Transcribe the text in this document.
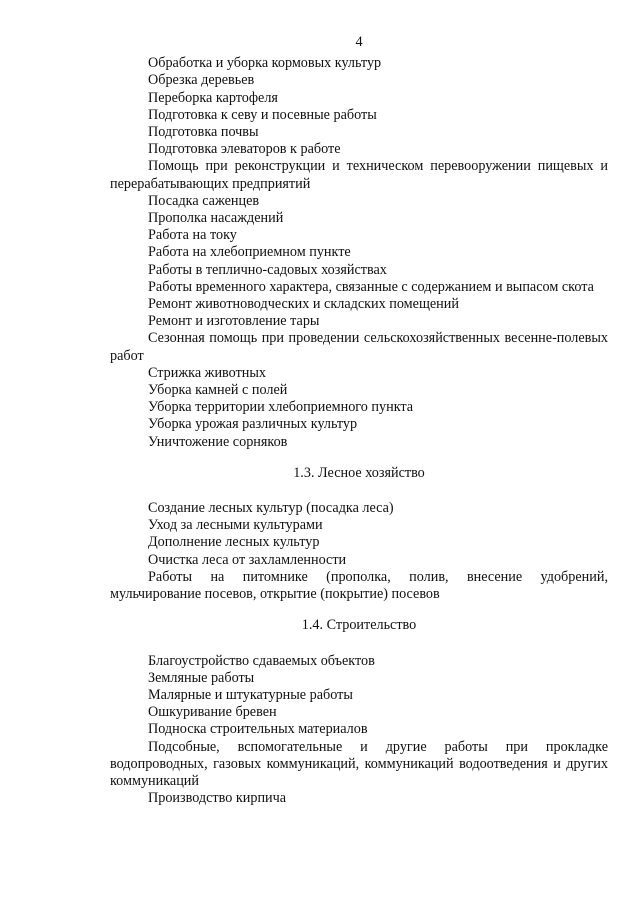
4

Обработка и уборка кормовых культур

Обрезка деревьев

Переборка картофеля

Подготовка к севу и посевные работы

Подготовка почвы

Подготовка элеваторов к работе

Помощь при реконструкции и техническом перевооружении пищевых и перерабатывающих предприятий

Посадка саженцев

Прополка насаждений

Работа на току

Работа на хлебоприемном пункте

Работы в теплично-садовых хозяйствах

Работы временного характера, связанные с содержанием и выпасом скота

Ремонт животноводческих и складских помещений

Ремонт и изготовление тары

Сезонная помощь при проведении сельскохозяйственных весенне-полевых работ

Стрижка животных

Уборка камней с полей

Уборка территории хлебоприемного пункта

Уборка урожая различных культур

Уничтожение сорняков

1.3. Лесное хозяйство

Создание лесных культур (посадка леса)

Уход за лесными культурами

Дополнение лесных культур

Очистка леса от захламленности

Работы на питомнике (прополка, полив, внесение удобрений, мульчирование посевов, открытие (покрытие) посевов

1.4. Строительство

Благоустройство сдаваемых объектов

Земляные работы

Малярные и штукатурные работы

Ошкуривание бревен

Подноска строительных материалов

Подсобные, вспомогательные и другие работы при прокладке водопроводных, газовых коммуникаций, коммуникаций водоотведения и других коммуникаций

Производство кирпича
